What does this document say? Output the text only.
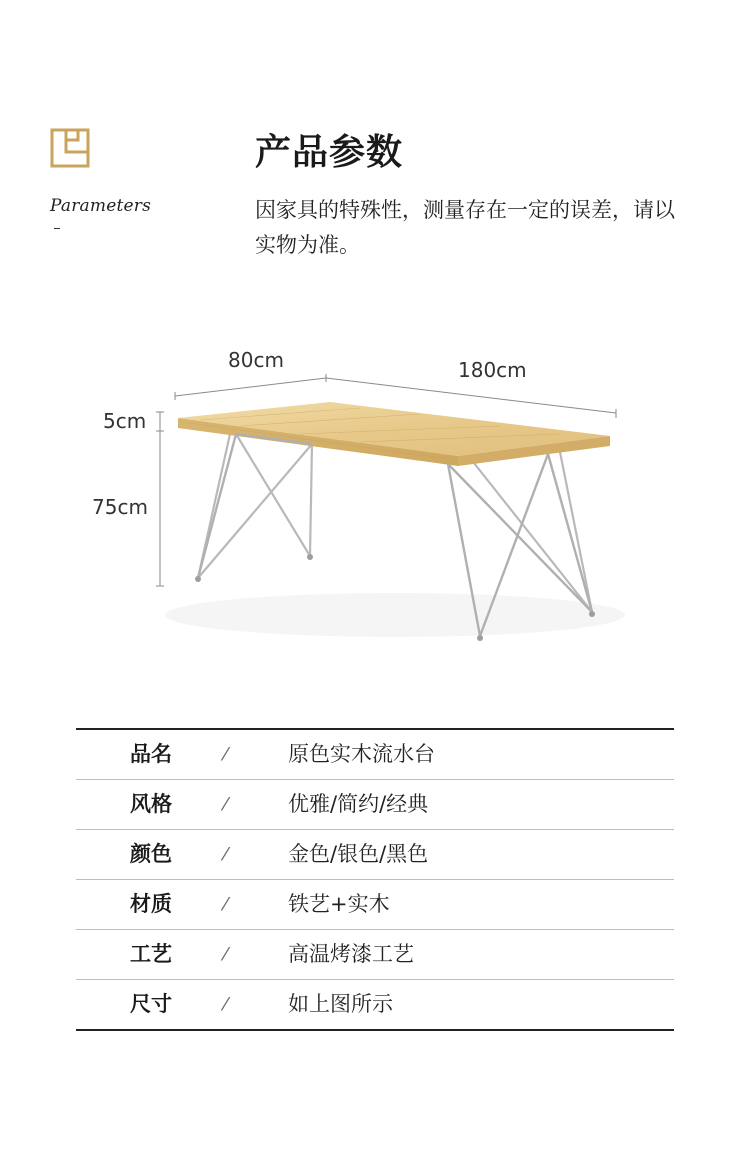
Parameters
产品参数
因家具的特殊性，测量存在一定的误差，请以实物为准。
80cm	180cm
5cm
75cm
品名	⁄	原色实木流水台
风格	⁄	优雅/简约/经典
颜色	⁄	金色/银色/黑色
材质	⁄	铁艺+实木
工艺	⁄	高温烤漆工艺
尺寸	⁄	如上图所示
